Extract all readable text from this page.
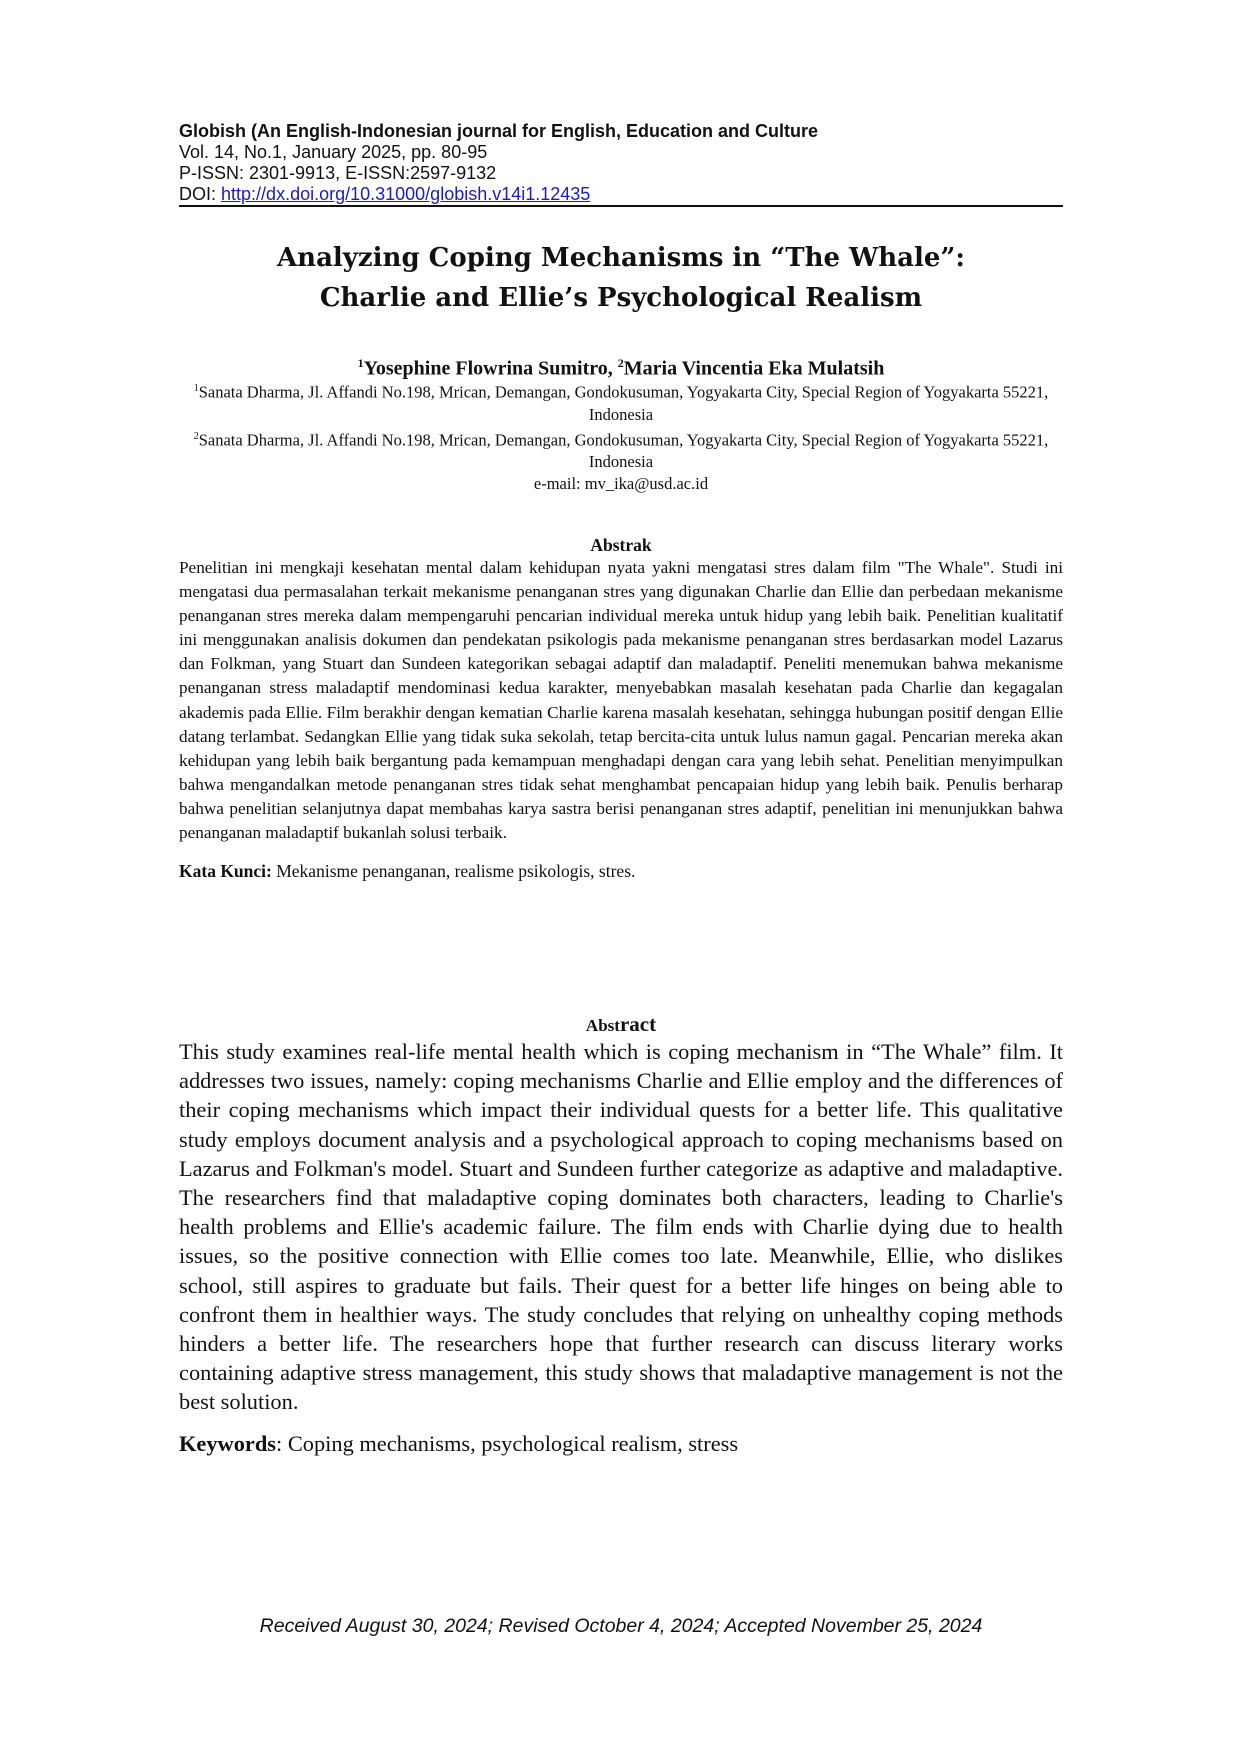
Globish (An English-Indonesian journal for English, Education and Culture
Vol. 14, No.1, January 2025, pp. 80-95
P-ISSN: 2301-9913, E-ISSN:2597-9132
DOI: http://dx.doi.org/10.31000/globish.v14i1.12435
Analyzing Coping Mechanisms in “The Whale”:
Charlie and Ellie’s Psychological Realism
$^1$Yosephine Flowrina Sumitro, $^2$Maria Vincentia Eka Mulatsih
$^1$Sanata Dharma, Jl. Affandi No.198, Mrican, Demangan, Gondokusuman, Yogyakarta City, Special Region of Yogyakarta 55221, Indonesia
$^2$Sanata Dharma, Jl. Affandi No.198, Mrican, Demangan, Gondokusuman, Yogyakarta City, Special Region of Yogyakarta 55221, Indonesia
e-mail: mv_ika@usd.ac.id
Abstrak

Penelitian ini mengkaji kesehatan mental dalam kehidupan nyata yakni mengatasi stres dalam film "The Whale". Studi ini mengatasi dua permasalahan terkait mekanisme penanganan stres yang digunakan Charlie dan Ellie dan perbedaan mekanisme penanganan stres mereka dalam mempengaruhi pencarian individual mereka untuk hidup yang lebih baik. Penelitian kualitatif ini menggunakan analisis dokumen dan pendekatan psikologis pada mekanisme penanganan stres berdasarkan model Lazarus dan Folkman, yang Stuart dan Sundeen kategorikan sebagai adaptif dan maladaptif. Peneliti menemukan bahwa mekanisme penanganan stress maladaptif mendominasi kedua karakter, menyebabkan masalah kesehatan pada Charlie dan kegagalan akademis pada Ellie. Film berakhir dengan kematian Charlie karena masalah kesehatan, sehingga hubungan positif dengan Ellie datang terlambat. Sedangkan Ellie yang tidak suka sekolah, tetap bercita-cita untuk lulus namun gagal. Pencarian mereka akan kehidupan yang lebih baik bergantung pada kemampuan menghadapi dengan cara yang lebih sehat. Penelitian menyimpulkan bahwa mengandalkan metode penanganan stres tidak sehat menghambat pencapaian hidup yang lebih baik. Penulis berharap bahwa penelitian selanjutnya dapat membahas karya sastra berisi penanganan stres adaptif, penelitian ini menunjukkan bahwa penanganan maladaptif bukanlah solusi terbaik.

Kata Kunci: Mekanisme penanganan, realisme psikologis, stres.
Abstract

This study examines real-life mental health which is coping mechanism in “The Whale” film. It addresses two issues, namely: coping mechanisms Charlie and Ellie employ and the differences of their coping mechanisms which impact their individual quests for a better life. This qualitative study employs document analysis and a psychological approach to coping mechanisms based on Lazarus and Folkman's model. Stuart and Sundeen further categorize as adaptive and maladaptive. The researchers find that maladaptive coping dominates both characters, leading to Charlie's health problems and Ellie's academic failure. The film ends with Charlie dying due to health issues, so the positive connection with Ellie comes too late. Meanwhile, Ellie, who dislikes school, still aspires to graduate but fails. Their quest for a better life hinges on being able to confront them in healthier ways. The study concludes that relying on unhealthy coping methods hinders a better life. The researchers hope that further research can discuss literary works containing adaptive stress management, this study shows that maladaptive management is not the best solution.

Keywords: Coping mechanisms, psychological realism, stress
Received August 30, 2024; Revised October 4, 2024; Accepted November 25, 2024
